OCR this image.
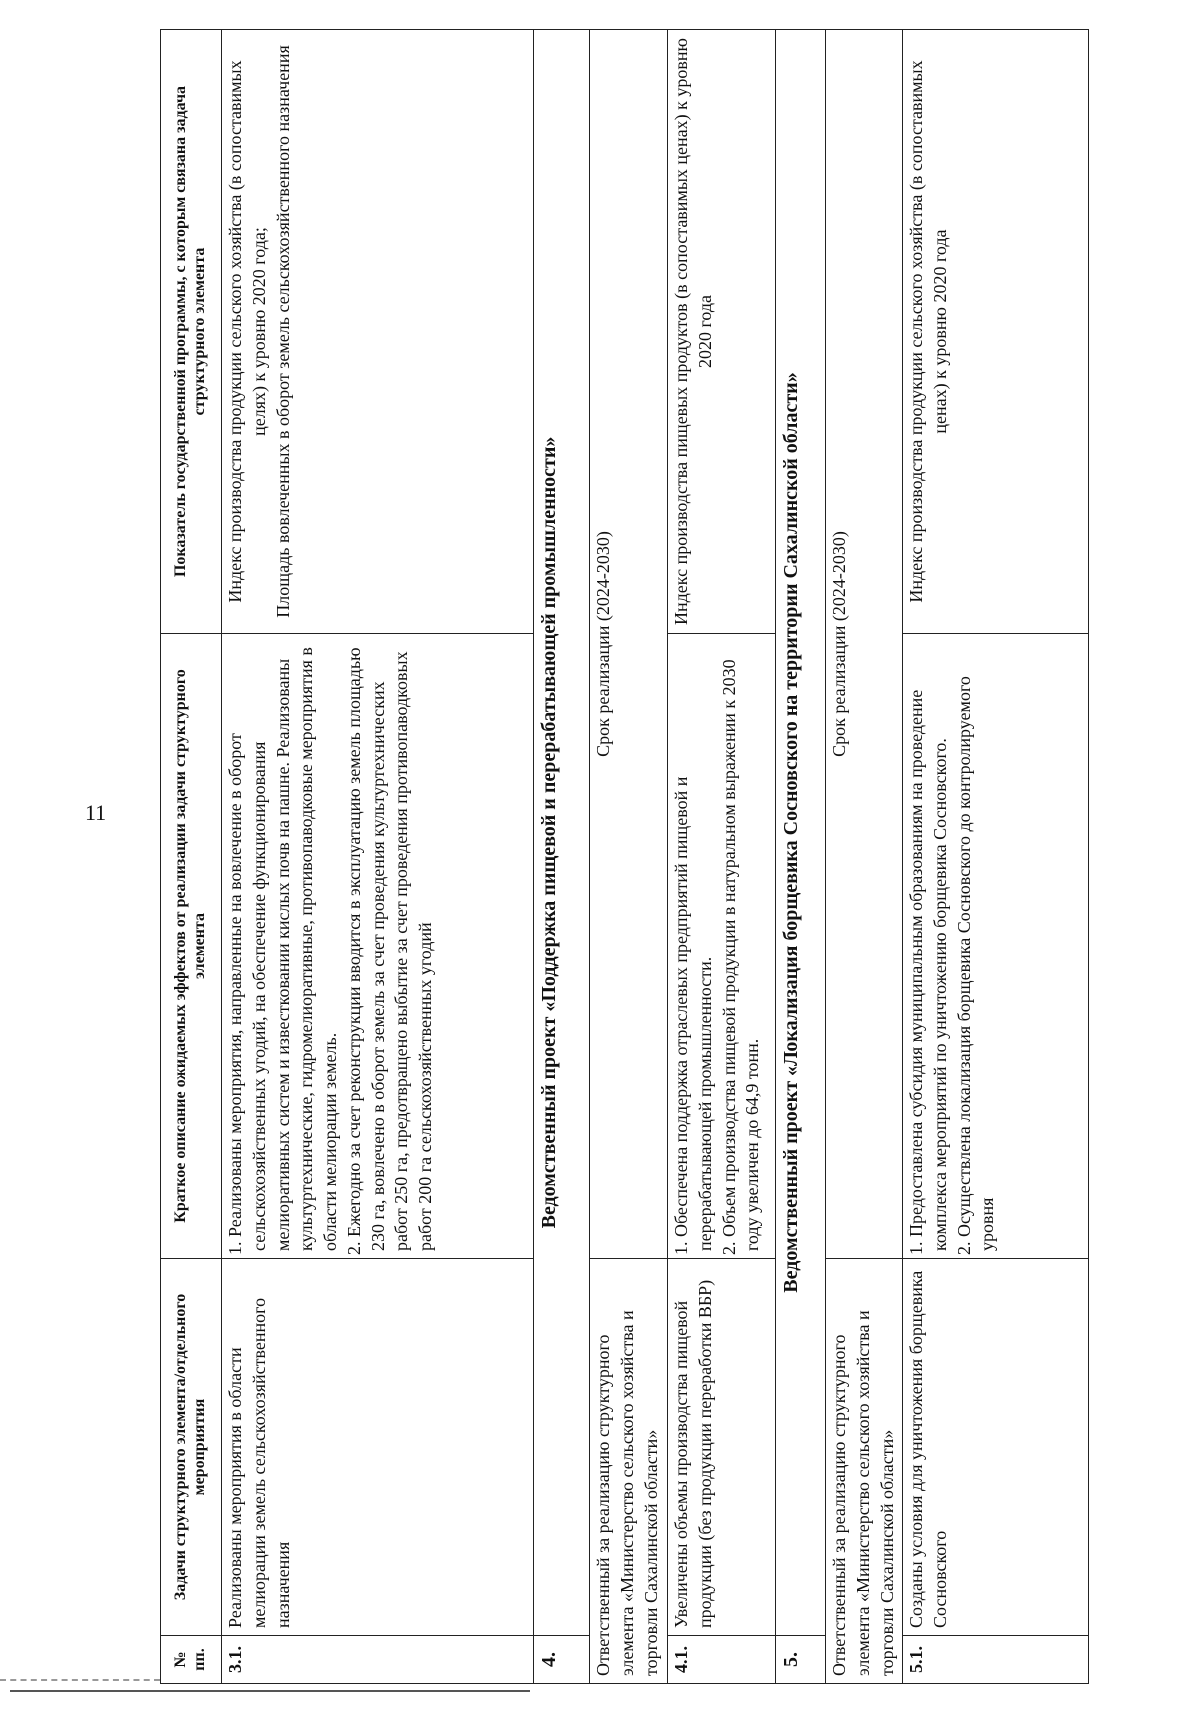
11
№ пп.	Задачи структурного элемента/отдельного мероприятия	Краткое описание ожидаемых эффектов от реализации задачи структурного элемента	Показатель государственной программы, с которым связана задача структурного элемента
3.1.	Реализованы мероприятия в области мелиорации земель сельскохозяйственного назначения	1. Реализованы мероприятия, направленные на вовлечение в оборот сельскохозяйственных угодий, на обеспечение функционирования мелиоративных систем и известковании кислых почв на пашне. Реализованы культуртехнические, гидромелиоративные, противопаводковые мероприятия в области мелиорации земель. 2. Ежегодно за счет реконструкции вводится в эксплуатацию земель площадью 230 га, вовлечено в оборот земель за счет проведения культуртехнических работ 250 га, предотвращено выбытие за счет проведения противопаводковых работ 200 га сельскохозяйственных угодий	Индекс производства продукции сельского хозяйства (в сопоставимых целях) к уровню 2020 года; Площадь вовлеченных в оборот земель сельскохозяйственного назначения

4.	Ведомственный проект «Поддержка пищевой и перерабатывающей промышленности»		
Ответственный за реализацию структурного элемента «Министерство сельского хозяйства и торговли Сахалинской области»		Срок реализации (2024-2030)	
4.1.	Увеличены объемы производства пищевой продукции (без продукции переработки ВБР)	1. Обеспечена поддержка отраслевых предприятий пищевой и перерабатывающей промышленности. 2. Объем производства пищевой продукции в натуральном выражении к 2030 году увеличен до 64,9 тонн.	Индекс производства пищевых продуктов (в сопоставимых ценах) к уровню 2020 года
5.	Ведомственный проект «Локализация борщевика Сосновского на территории Сахалинской области»		
Ответственный за реализацию структурного элемента «Министерство сельского хозяйства и торговли Сахалинской области»		Срок реализации (2024-2030)	
5.1.	Созданы условия для уничтожения борщевика Сосновского	1. Предоставлена субсидия муниципальным образованиям на проведение комплекса мероприятий по уничтожению борщевика Сосновского. 2. Осуществлена локализация борщевика Сосновского до контролируемого уровня	Индекс производства продукции сельского хозяйства (в сопоставимых ценах) к уровню 2020 года
